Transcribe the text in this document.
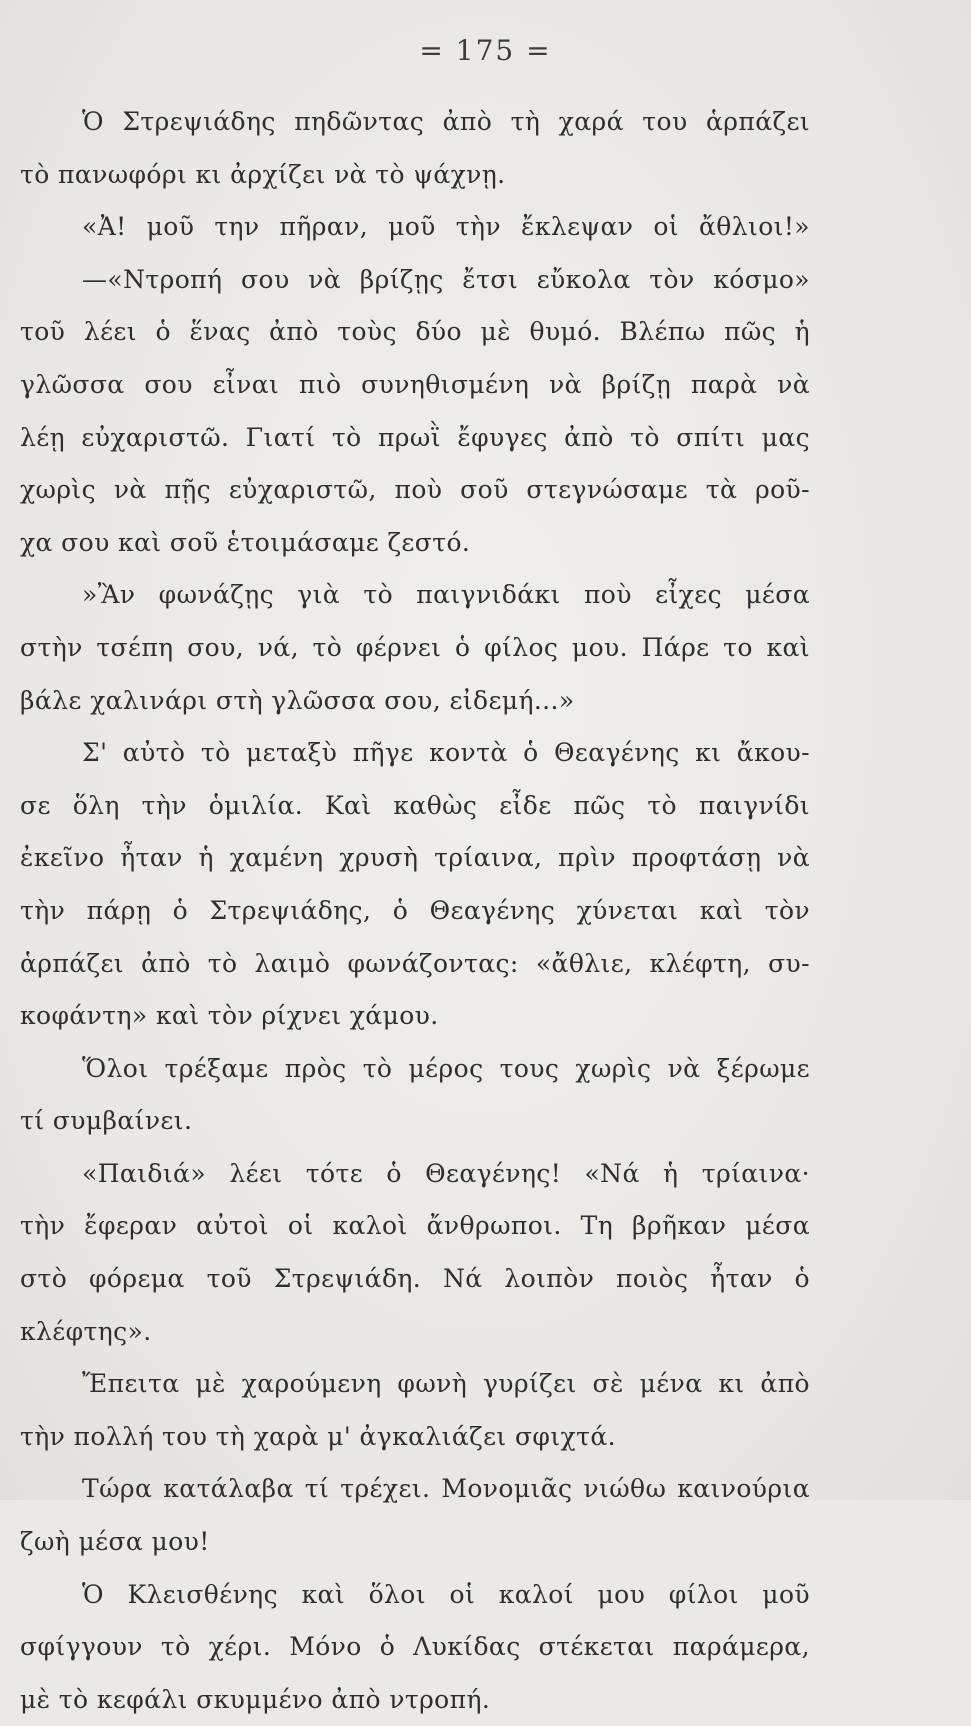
= 175 =
Ὁ Στρεψιάδης πηδῶντας ἀπὸ τὴ χαρά του ἁρπάζει
τὸ πανωφόρι κι ἀρχίζει νὰ τὸ ψάχνῃ.
«Ἀ! μοῦ την πῆραν, μοῦ τὴν ἔκλεψαν οἱ ἄθλιοι!»
—«Ντροπή σου νὰ βρίζῃς ἔτσι εὔκολα τὸν κόσμο»
τοῦ λέει ὁ ἕνας ἀπὸ τοὺς δύο μὲ θυμό. Βλέπω πῶς ἡ
γλῶσσα σου εἶναι πιὸ συνηθισμένη νὰ βρίζῃ παρὰ νὰ
λέῃ εὐχαριστῶ. Γιατί τὸ πρωῒ ἔφυγες ἀπὸ τὸ σπίτι μας
χωρὶς νὰ πῇς εὐχαριστῶ, ποὺ σοῦ στεγνώσαμε τὰ ροῦ-
χα σου καὶ σοῦ ἑτοιμάσαμε ζεστό.
»Ἂν φωνάζῃς γιὰ τὸ παιγνιδάκι ποὺ εἶχες μέσα
στὴν τσέπη σου, νά, τὸ φέρνει ὁ φίλος μου. Πάρε το καὶ
βάλε χαλινάρι στὴ γλῶσσα σου, εἰδεμή...»
Σ' αὐτὸ τὸ μεταξὺ πῆγε κοντὰ ὁ Θεαγένης κι ἄκου-
σε ὅλη τὴν ὁμιλία. Καὶ καθὼς εἶδε πῶς τὸ παιγνίδι
ἐκεῖνο ἦταν ἡ χαμένη χρυσὴ τρίαινα, πρὶν προφτάσῃ νὰ
τὴν πάρῃ ὁ Στρεψιάδης, ὁ Θεαγένης χύνεται καὶ τὸν
ἁρπάζει ἀπὸ τὸ λαιμὸ φωνάζοντας: «ἄθλιε, κλέφτη, συ-
κοφάντη» καὶ τὸν ρίχνει χάμου.
Ὅλοι τρέξαμε πρὸς τὸ μέρος τους χωρὶς νὰ ξέρωμε
τί συμβαίνει.
«Παιδιά» λέει τότε ὁ Θεαγένης! «Νά ἡ τρίαινα·
τὴν ἔφεραν αὐτοὶ οἱ καλοὶ ἄνθρωποι. Τη βρῆκαν μέσα
στὸ φόρεμα τοῦ Στρεψιάδη. Νά λοιπὸν ποιὸς ἦταν ὁ
κλέφτης».
Ἔπειτα μὲ χαρούμενη φωνὴ γυρίζει σὲ μένα κι ἀπὸ
τὴν πολλή του τὴ χαρὰ μ' ἀγκαλιάζει σφιχτά.
Τώρα κατάλαβα τί τρέχει. Μονομιᾶς νιώθω καινούρια
ζωὴ μέσα μου!
Ὁ Κλεισθένης καὶ ὅλοι οἱ καλοί μου φίλοι μοῦ
σφίγγουν τὸ χέρι. Μόνο ὁ Λυκίδας στέκεται παράμερα,
μὲ τὸ κεφάλι σκυμμένο ἀπὸ ντροπή.
